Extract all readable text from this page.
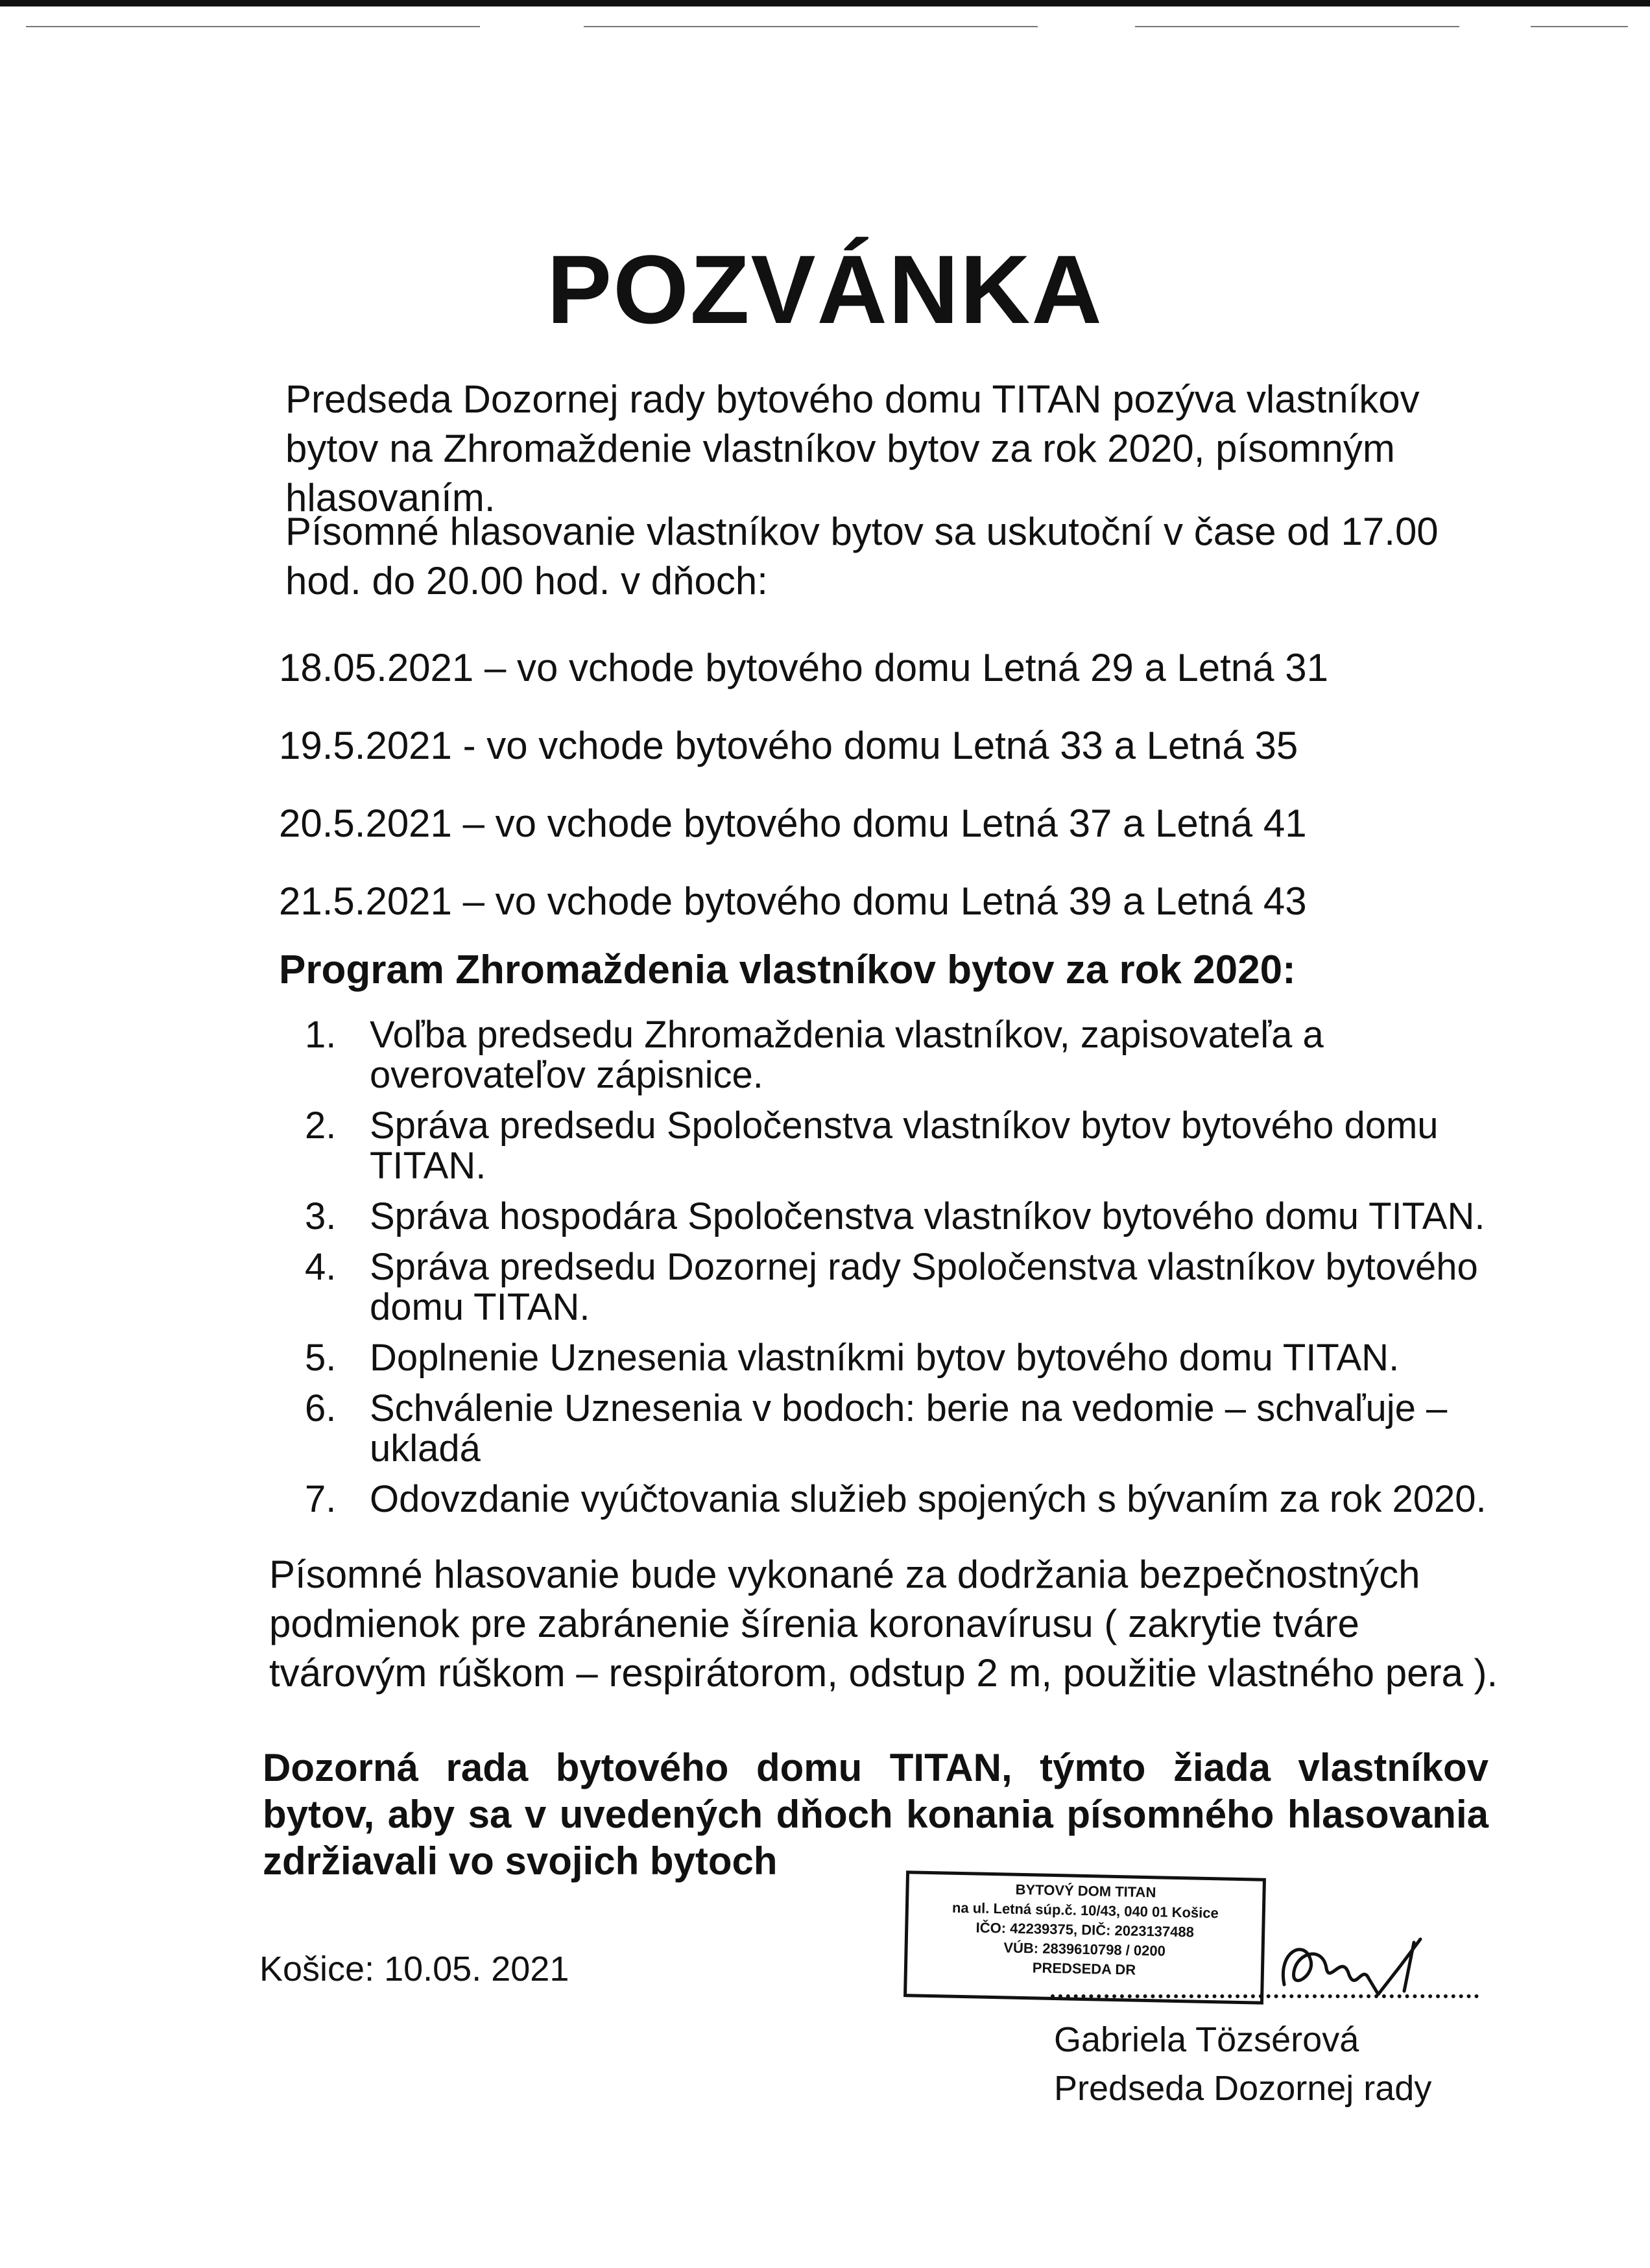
POZVÁNKA

Predseda Dozornej rady bytového domu TITAN pozýva vlastníkov bytov na Zhromaždenie vlastníkov bytov za rok 2020, písomným hlasovaním.

Písomné hlasovanie vlastníkov bytov sa uskutoční v čase od 17.00 hod. do 20.00 hod. v dňoch:

18.05.2021 – vo vchode bytového domu Letná 29 a Letná 31

19.5.2021 - vo vchode bytového domu Letná 33 a Letná 35

20.5.2021 – vo vchode bytového domu Letná 37 a Letná 41

21.5.2021 – vo vchode bytového domu Letná 39 a Letná 43

Program Zhromaždenia vlastníkov bytov za rok 2020:
1. Voľba predsedu Zhromaždenia vlastníkov, zapisovateľa a overovateľov zápisnice.
2. Správa predsedu Spoločenstva vlastníkov bytov bytového domu TITAN.
3. Správa hospodára Spoločenstva vlastníkov bytového domu TITAN.
4. Správa predsedu Dozornej rady Spoločenstva vlastníkov bytového domu TITAN.
5. Doplnenie Uznesenia vlastníkmi bytov bytového domu TITAN.
6. Schválenie Uznesenia v bodoch: berie na vedomie – schvaľuje – ukladá
7. Odovzdanie vyúčtovania služieb spojených s bývaním za rok 2020.

Písomné hlasovanie bude vykonané za dodržania bezpečnostných podmienok pre zabránenie šírenia koronavírusu ( zakrytie tváre tvárovým rúškom – respirátorom, odstup 2 m, použitie vlastného pera ).

Dozorná rada bytového domu TITAN, týmto žiada vlastníkov bytov, aby sa v uvedených dňoch konania písomného hlasovania zdržiavali vo svojich bytoch

BYTOVÝ DOM TITAN

na ul. Letná súp.č. 10/43, 040 01 Košice

IČO: 42239375, DIČ: 2023137488

VÚB: 2839610798 / 0200

PREDSEDA DR

Košice: 10.05. 2021

Gabriela Tözsérová

Predseda Dozornej rady
